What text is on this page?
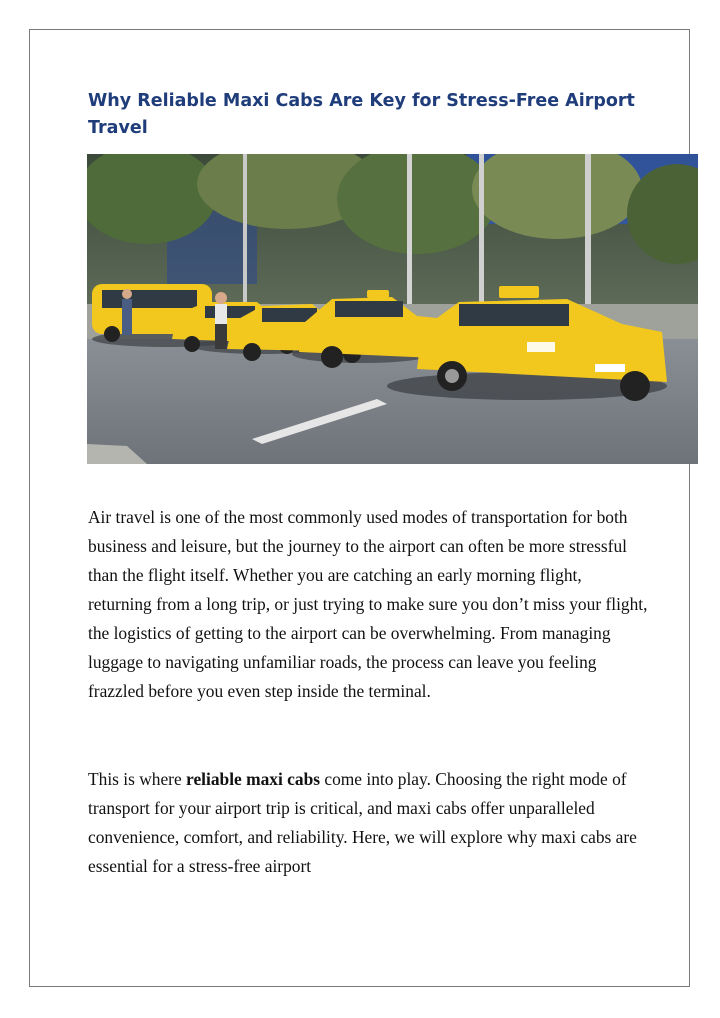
Why Reliable Maxi Cabs Are Key for Stress-Free Airport Travel

Air travel is one of the most commonly used modes of transportation for both business and leisure, but the journey to the airport can often be more stressful than the flight itself. Whether you are catching an early morning flight, returning from a long trip, or just trying to make sure you don’t miss your flight, the logistics of getting to the airport can be overwhelming. From managing luggage to navigating unfamiliar roads, the process can leave you feeling frazzled before you even step inside the terminal.

This is where reliable maxi cabs come into play. Choosing the right mode of transport for your airport trip is critical, and maxi cabs offer unparalleled convenience, comfort, and reliability. Here, we will explore why maxi cabs are essential for a stress-free airport
